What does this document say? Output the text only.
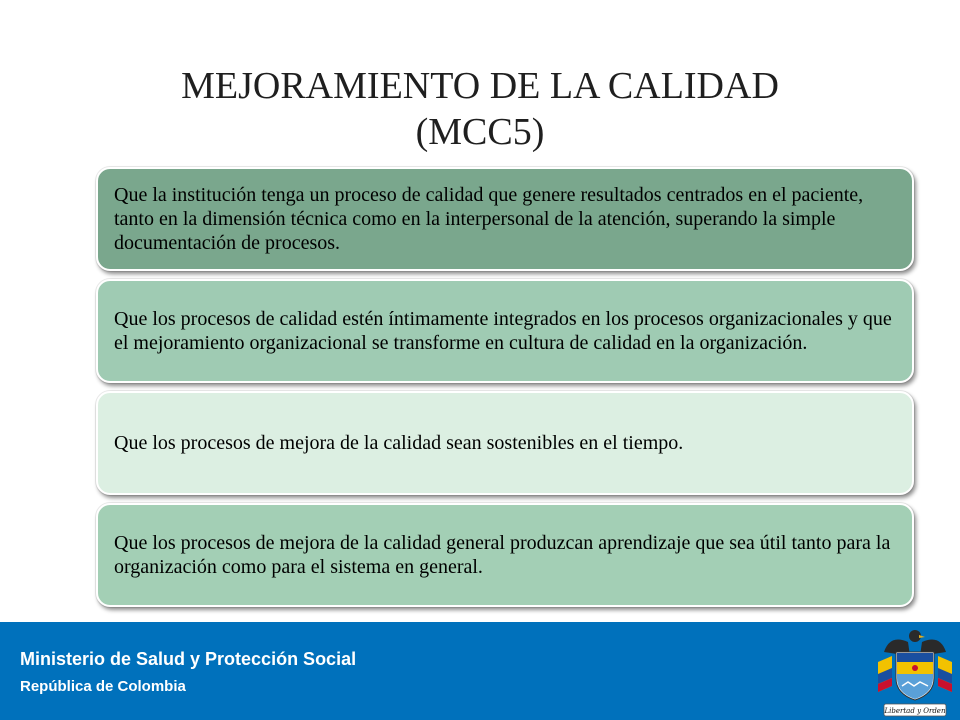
MEJORAMIENTO DE LA CALIDAD
(MCC5)
Que la institución tenga un proceso de calidad que genere resultados centrados en el paciente, tanto en la dimensión técnica como en la interpersonal de la atención, superando la simple documentación de procesos.
Que los procesos de calidad estén íntimamente integrados en los procesos organizacionales y que el mejoramiento organizacional se transforme en cultura de calidad en la organización.
Que los procesos de mejora de la calidad sean sostenibles en el tiempo.
Que los procesos de mejora de la calidad general produzcan aprendizaje que sea útil tanto para la organización como para el sistema en general.
Ministerio de Salud y Protección Social
República de Colombia
Libertad y Orden
